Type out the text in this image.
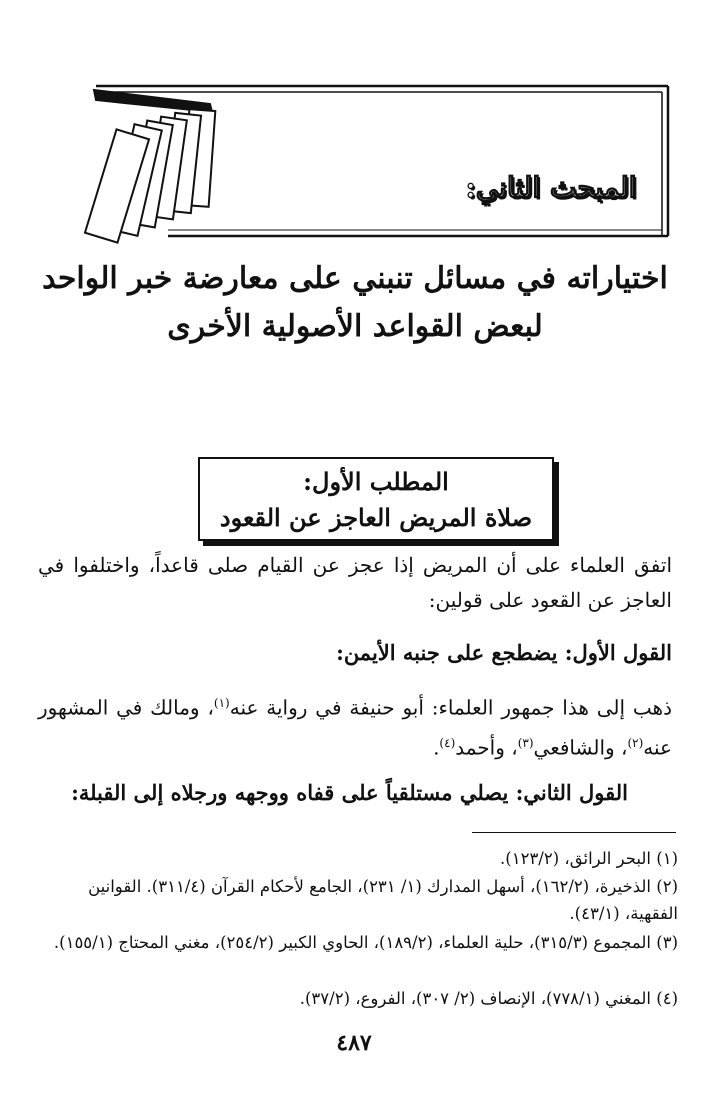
المبحث الثاني:
اختياراته في مسائل تنبني على معارضة خبر الواحد
لبعض القواعد الأصولية الأخرى
المطلب الأول:
صلاة المريض العاجز عن القعود
اتفق العلماء على أن المريض إذا عجز عن القيام صلى قاعداً، واختلفوا في العاجز عن القعود على قولين:
القول الأول: يضطجع على جنبه الأيمن:
ذهب إلى هذا جمهور العلماء: أبو حنيفة في رواية عنه$^{(١)}$، ومالك في المشهور عنه$^{(٢)}$، والشافعي$^{(٣)}$، وأحمد$^{(٤)}$.
القول الثاني: يصلي مستلقياً على قفاه ووجهه ورجلاه إلى القبلة:
(١) البحر الرائق، (١٢٣/٢).
(٢) الذخيرة، (١٦٢/٢)، أسهل المدارك (١/ ٢٣١)، الجامع لأحكام القرآن (٣١١/٤). القوانين الفقهية، (٤٣/١).
(٣) المجموع (٣١٥/٣)، حلية العلماء، (١٨٩/٢)، الحاوي الكبير (٢٥٤/٢)، مغني المحتاج (١٥٥/١).
(٤) المغني (٧٧٨/١)، الإنصاف (٢/ ٣٠٧)، الفروع، (٣٧/٢).
٤٨٧
